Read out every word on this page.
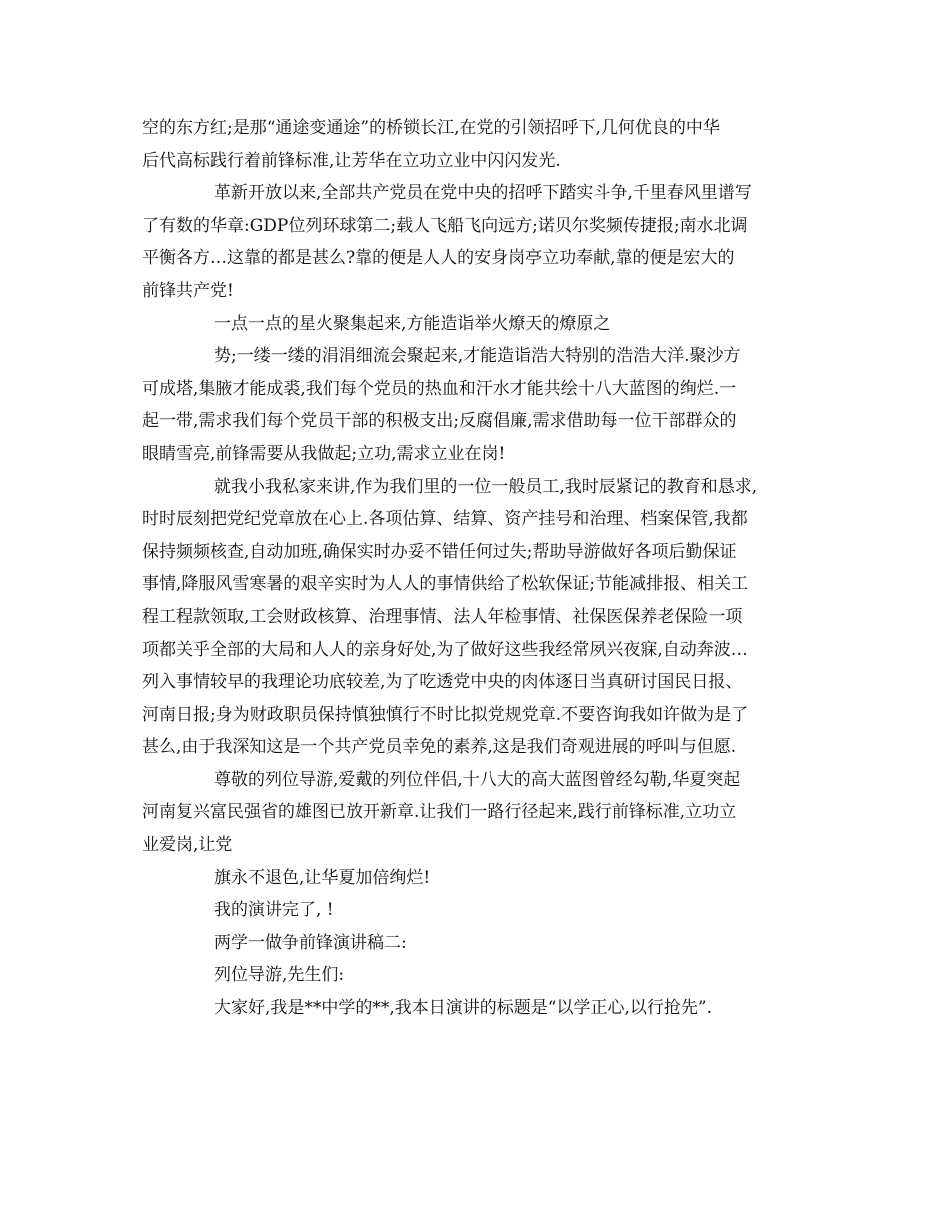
空的东方红;是那“通途变通途”的桥锁长江,在党的引领招呼下,几何优良的中华

后代高标践行着前锋标准,让芳华在立功立业中闪闪发光.

革新开放以来,全部共产党员在党中央的招呼下踏实斗争,千里春风里谱写

了有数的华章:GDP位列环球第二;载人飞船飞向远方;诺贝尔奖频传捷报;南水北调

平衡各方…这靠的都是甚么?靠的便是人人的安身岗亭立功奉献,靠的便是宏大的

前锋共产党!

一点一点的星火聚集起来,方能造诣举火燎天的燎原之

势;一缕一缕的涓涓细流会聚起来,才能造诣浩大特别的浩浩大洋.聚沙方

可成塔,集腋才能成裘,我们每个党员的热血和汗水才能共绘十八大蓝图的绚烂.一

起一带,需求我们每个党员干部的积极支出;反腐倡廉,需求借助每一位干部群众的

眼睛雪亮,前锋需要从我做起;立功,需求立业在岗!

就我小我私家来讲,作为我们里的一位一般员工,我时辰紧记的教育和恳求,

时时辰刻把党纪党章放在心上.各项估算、结算、资产挂号和治理、档案保管,我都

保持频频核查,自动加班,确保实时办妥不错任何过失;帮助导游做好各项后勤保证

事情,降服风雪寒暑的艰辛实时为人人的事情供给了松软保证;节能减排报、相关工

程工程款领取,工会财政核算、治理事情、法人年检事情、社保医保养老保险一项

项都关乎全部的大局和人人的亲身好处,为了做好这些我经常夙兴夜寐,自动奔波…

列入事情较早的我理论功底较差,为了吃透党中央的肉体逐日当真研讨国民日报、

河南日报;身为财政职员保持慎独慎行不时比拟党规党章.不要咨询我如许做为是了

甚么,由于我深知这是一个共产党员幸免的素养,这是我们奇观进展的呼叫与但愿.

尊敬的列位导游,爱戴的列位伴侣,十八大的高大蓝图曾经勾勒,华夏突起

河南复兴富民强省的雄图已放开新章.让我们一路行径起来,践行前锋标准,立功立

业爱岗,让党

旗永不退色,让华夏加倍绚烂!

我的演讲完了, !

两学一做争前锋演讲稿二:

列位导游,先生们:

大家好,我是**中学的**,我本日演讲的标题是“以学正心,以行抢先”.
